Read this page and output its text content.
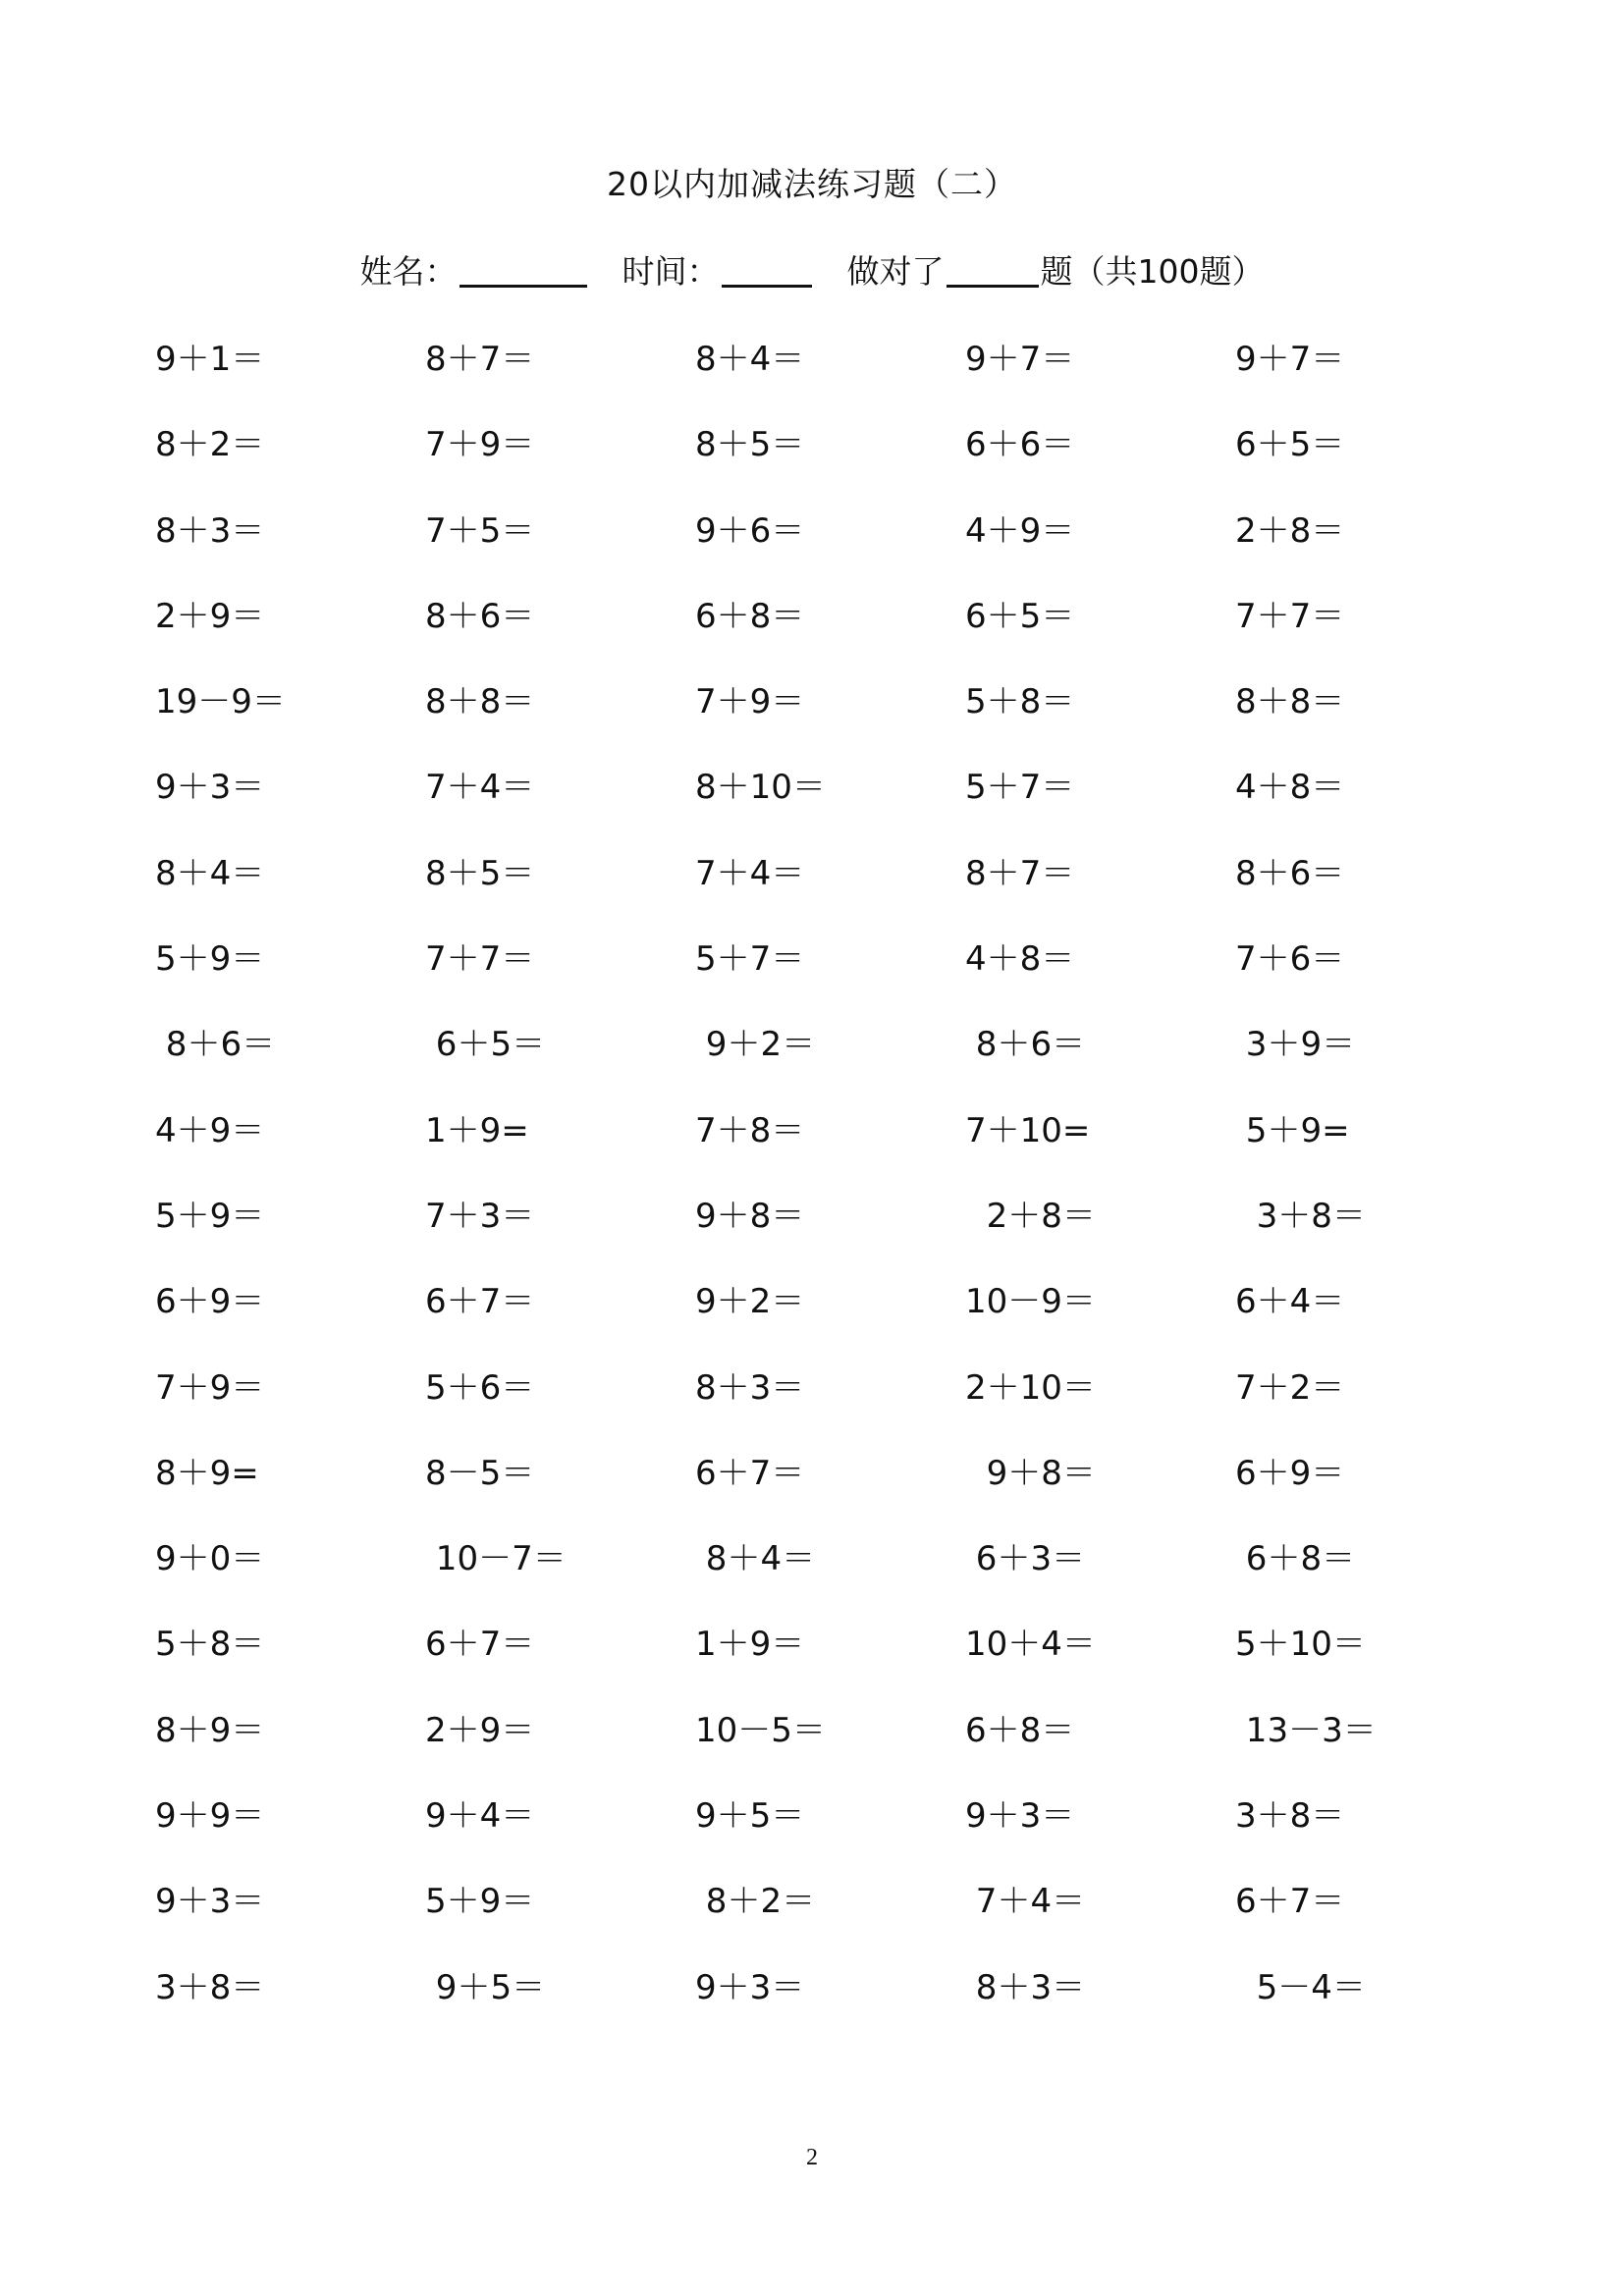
20以内加减法练习题（二）
姓名：	时间：	做对了	题（共100题）
9＋1＝	8＋7＝	8＋4＝	9＋7＝	9＋7＝
8＋2＝	7＋9＝	8＋5＝	6＋6＝	6＋5＝
8＋3＝	7＋5＝	9＋6＝	4＋9＝	2＋8＝
2＋9＝	8＋6＝	6＋8＝	6＋5＝	7＋7＝
19－9＝	8＋8＝	7＋9＝	5＋8＝	8＋8＝
9＋3＝	7＋4＝	8＋10＝	5＋7＝	4＋8＝
8＋4＝	8＋5＝	7＋4＝	8＋7＝	8＋6＝
5＋9＝	7＋7＝	5＋7＝	4＋8＝	7＋6＝
8＋6＝	6＋5＝	9＋2＝	8＋6＝	3＋9＝
4＋9＝	1＋9=	7＋8＝	7＋10=	5＋9=
5＋9＝	7＋3＝	9＋8＝	2＋8＝	3＋8＝
6＋9＝	6＋7＝	9＋2＝	10－9＝	6＋4＝
7＋9＝	5＋6＝	8＋3＝	2＋10＝	7＋2＝
8＋9=	8－5＝	6＋7＝	9＋8＝	6＋9＝
9＋0＝	10－7＝	8＋4＝	6＋3＝	6＋8＝
5＋8＝	6＋7＝	1＋9＝	10＋4＝	5＋10＝
8＋9＝	2＋9＝	10－5＝	6＋8＝	13－3＝
9＋9＝	9＋4＝	9＋5＝	9＋3＝	3＋8＝
9＋3＝	5＋9＝	8＋2＝	7＋4＝	6＋7＝
3＋8＝	9＋5＝	9＋3＝	8＋3＝	5－4＝
2
